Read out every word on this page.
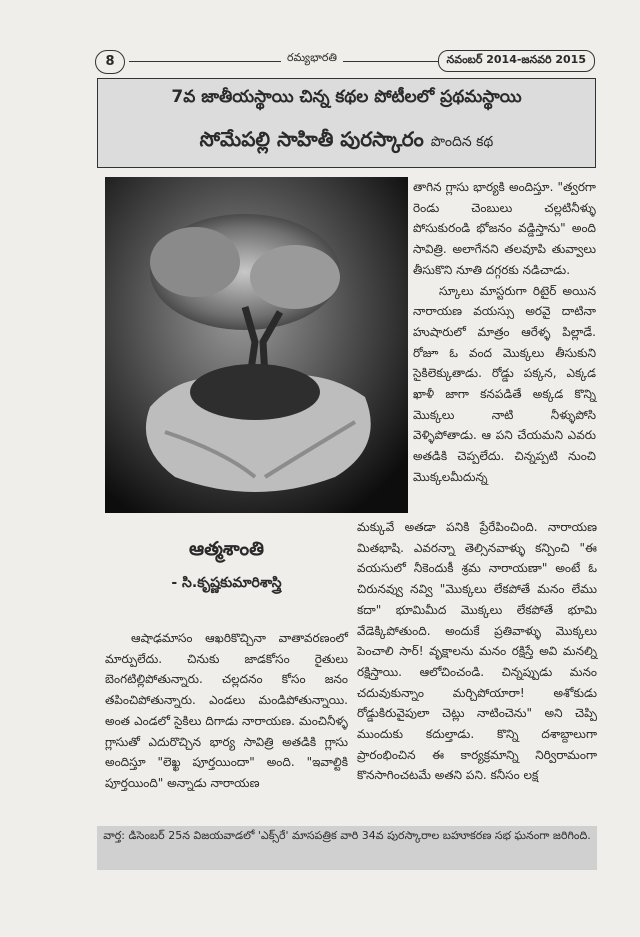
8	రమ్యభారతి	నవంబర్ 2014-జనవరి 2015
7వ జాతీయస్థాయి చిన్న కథల పోటీలలో ప్రథమస్థాయి
సోమేపల్లి సాహితీ పురస్కారం పొందిన కథ

తాగిన గ్లాసు భార్యకి అందిస్తూ. "త్వరగా రెండు చెంబులు చల్లటినీళ్ళు పోసుకురండి భోజనం వడ్డిస్తాను" అంది సావిత్రి. అలాగేనని తలవూపి తువ్వాలు తీసుకొని నూతి దగ్గరకు నడిచాడు.

స్కూలు మాస్టరుగా రిటైర్ అయిన నారాయణ వయస్సు అరవై దాటినా హుషారులో మాత్రం ఆరేళ్ళ పిల్లాడే. రోజూ ఓ వంద మొక్కలు తీసుకుని సైకిలెక్కుతాడు. రోడ్డు పక్కన, ఎక్కడ ఖాళీ జాగా కనపడితే అక్కడ కొన్ని మొక్కలు నాటి నీళ్ళుపోసి వెళ్ళిపోతాడు. ఆ పని చేయమని ఎవరు అతడికి చెప్పలేదు. చిన్నప్పటి నుంచి మొక్కలమీదున్న

ఆత్మశాంతి
- సి.కృష్ణకుమారిశాస్త్రి

ఆషాఢమాసం ఆఖరికొచ్చినా వాతావరణంలో మార్పులేదు. చినుకు జాడకోసం రైతులు బెంగటిల్లిపోతున్నారు. చల్లదనం కోసం జనం తపించిపోతున్నారు. ఎండలు మండిపోతున్నాయి. అంత ఎండలో సైకిలు దిగాడు నారాయణ. మంచినీళ్ళ గ్లాసుతో ఎదురొచ్చిన భార్య సావిత్రి అతడికి గ్లాసు అందిస్తూ "లెఖ్ఖ పూర్తయిందా" అంది. "ఇవాల్టికి పూర్తయింది" అన్నాడు నారాయణ

మక్కువే అతడా పనికి ప్రేరేపించింది. నారాయణ మితభాషి. ఎవరన్నా తెల్సినవాళ్ళు కన్పించి "ఈ వయసులో నీకెందుకీ శ్రమ నారాయణా" అంటే ఓ చిరునవ్వు నవ్వి "మొక్కలు లేకపోతే మనం లేము కదా" భూమిమీద మొక్కలు లేకపోతే భూమి వేడెక్కిపోతుంది. అందుకే ప్రతివాళ్ళు మొక్కలు పెంచాలి సార్! వృక్షాలను మనం రక్షిస్తే అవి మనల్ని రక్షిస్తాయి. ఆలోచించండి. చిన్నప్పుడు మనం చదువుకున్నాం మర్చిపోయారా! అశోకుడు రోడ్డుకిరువైపులా చెట్లు నాటించెను" అని చెప్పి ముందుకు కదుల్తాడు. కొన్ని దశాబ్దాలుగా ప్రారంభించిన ఈ కార్యక్రమాన్ని నిర్విరామంగా కొనసాగించటమే అతని పని. కనీసం లక్ష

వార్త: డిసెంబర్ 25న విజయవాడలో 'ఎక్స్‌రే' మాసపత్రిక వారి 34వ పురస్కారాల బహూకరణ సభ ఘనంగా జరిగింది.
